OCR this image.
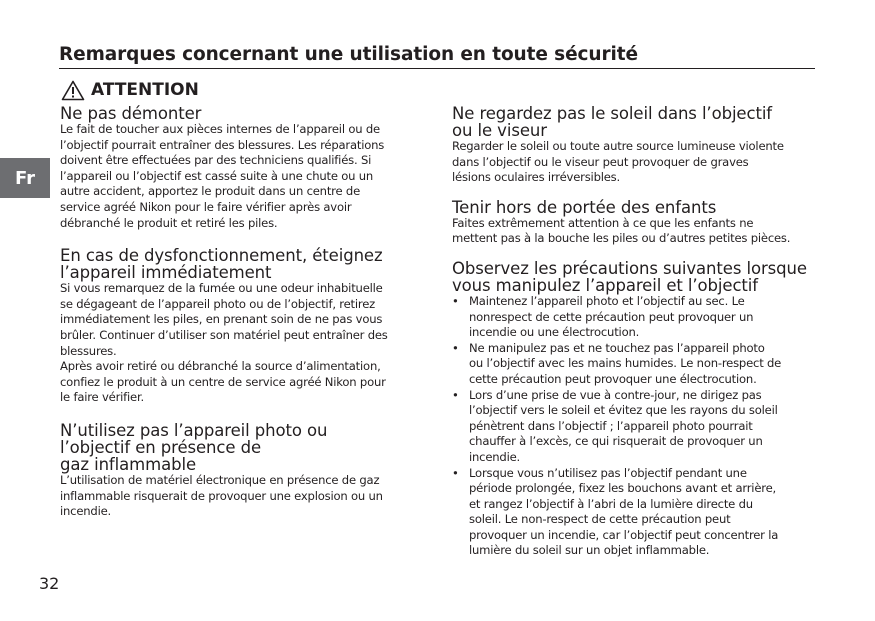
Remarques concernant une utilisation en toute sécurité
ATTENTION
Fr
Ne pas démonter

Le fait de toucher aux pièces internes de l’appareil ou de
l’objectif pourrait entraîner des blessures. Les réparations
doivent être effectuées par des techniciens qualifiés. Si
l’appareil ou l’objectif est cassé suite à une chute ou un
autre accident, apportez le produit dans un centre de
service agréé Nikon pour le faire vérifier après avoir
débranché le produit et retiré les piles.

En cas de dysfonctionnement, éteignez
l’appareil immédiatement

Si vous remarquez de la fumée ou une odeur inhabituelle
se dégageant de l’appareil photo ou de l’objectif, retirez
immédiatement les piles, en prenant soin de ne pas vous
brûler. Continuer d’utiliser son matériel peut entraîner des
blessures.
Après avoir retiré ou débranché la source d’alimentation,
confiez le produit à un centre de service agréé Nikon pour
le faire vérifier.

N’utilisez pas l’appareil photo ou
l’objectif en présence de
gaz inflammable

L’utilisation de matériel électronique en présence de gaz
inflammable risquerait de provoquer une explosion ou un
incendie.

Ne regardez pas le soleil dans l’objectif
ou le viseur

Regarder le soleil ou toute autre source lumineuse violente
dans l’objectif ou le viseur peut provoquer de graves
lésions oculaires irréversibles.

Tenir hors de portée des enfants

Faites extrêmement attention à ce que les enfants ne
mettent pas à la bouche les piles ou d’autres petites pièces.

Observez les précautions suivantes lorsque
vous manipulez l’appareil et l’objectif
• Maintenez l’appareil photo et l’objectif au sec. Le
nonrespect de cette précaution peut provoquer un
incendie ou une électrocution.
• Ne manipulez pas et ne touchez pas l’appareil photo
ou l’objectif avec les mains humides. Le non-respect de
cette précaution peut provoquer une électrocution.
• Lors d’une prise de vue à contre-jour, ne dirigez pas
l’objectif vers le soleil et évitez que les rayons du soleil
pénètrent dans l’objectif ; l’appareil photo pourrait
chauffer à l’excès, ce qui risquerait de provoquer un
incendie.
• Lorsque vous n’utilisez pas l’objectif pendant une
période prolongée, fixez les bouchons avant et arrière,
et rangez l’objectif à l’abri de la lumière directe du
soleil. Le non-respect de cette précaution peut
provoquer un incendie, car l’objectif peut concentrer la
lumière du soleil sur un objet inflammable.
32
